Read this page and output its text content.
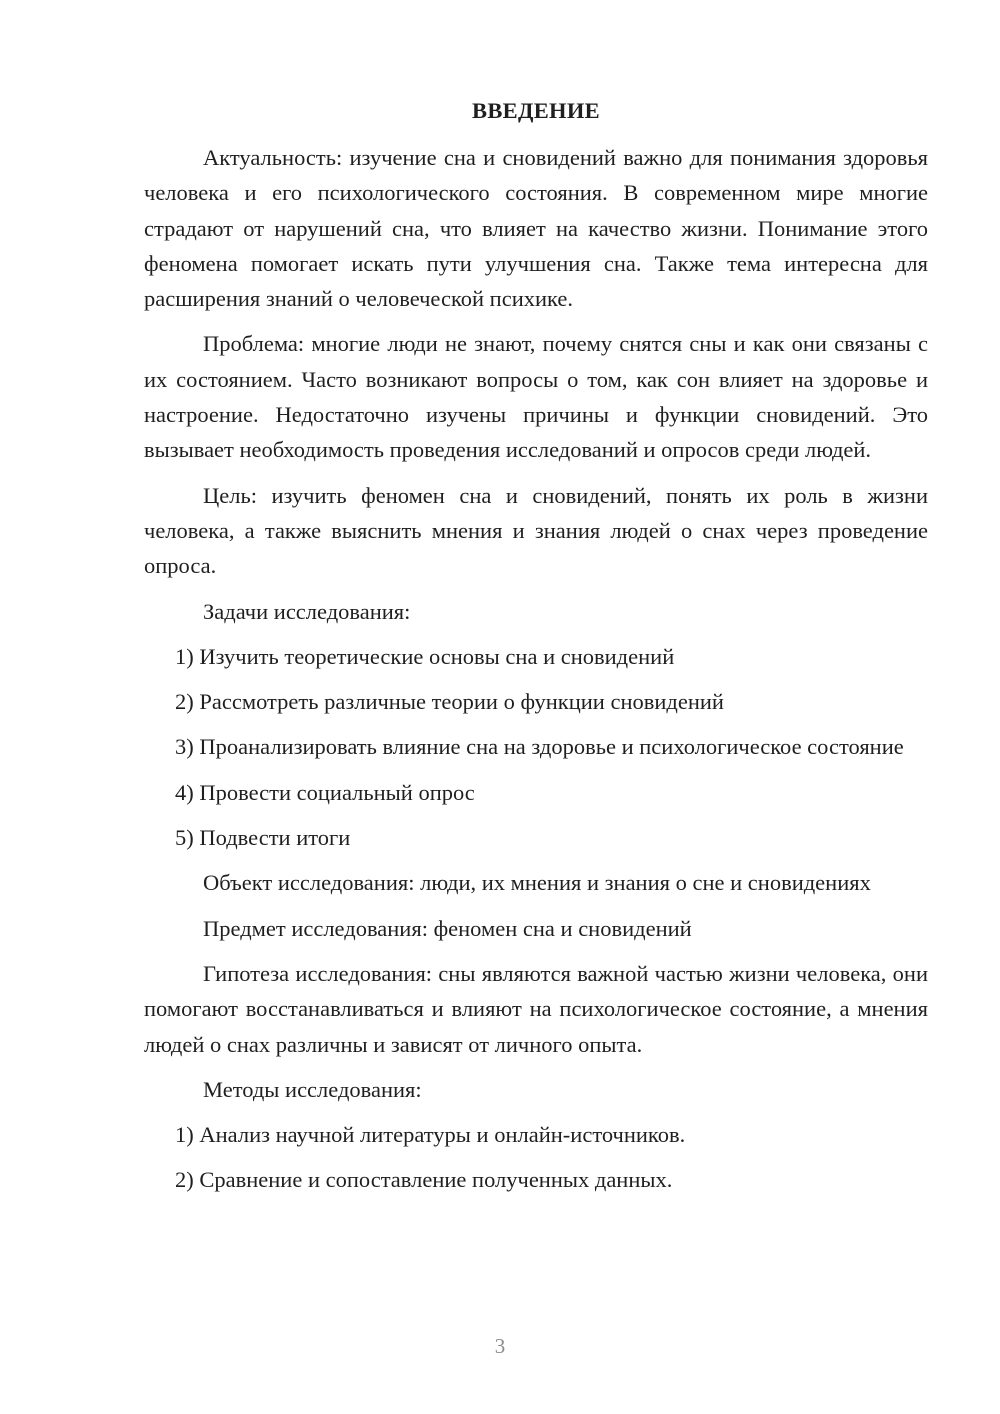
ВВЕДЕНИЕ

Актуальность: изучение сна и сновидений важно для понимания здоровья человека и его психологического состояния. В современном мире многие страдают от нарушений сна, что влияет на качество жизни. Понимание этого феномена помогает искать пути улучшения сна. Также тема интересна для расширения знаний о человеческой психике.

Проблема: многие люди не знают, почему снятся сны и как они связаны с их состоянием. Часто возникают вопросы о том, как сон влияет на здоровье и настроение. Недостаточно изучены причины и функции сновидений. Это вызывает необходимость проведения исследований и опросов среди людей.

Цель: изучить феномен сна и сновидений, понять их роль в жизни человека, а также выяснить мнения и знания людей о снах через проведение опроса.

Задачи исследования:

1) Изучить теоретические основы сна и сновидений

2) Рассмотреть различные теории о функции сновидений

3) Проанализировать влияние сна на здоровье и психологическое состояние

4) Провести социальный опрос

5) Подвести итоги

Объект исследования: люди, их мнения и знания о сне и сновидениях

Предмет исследования: феномен сна и сновидений

Гипотеза исследования: сны являются важной частью жизни человека, они помогают восстанавливаться и влияют на психологическое состояние, а мнения людей о снах различны и зависят от личного опыта.

Методы исследования:

1) Анализ научной литературы и онлайн-источников.

2) Сравнение и сопоставление полученных данных.

3
